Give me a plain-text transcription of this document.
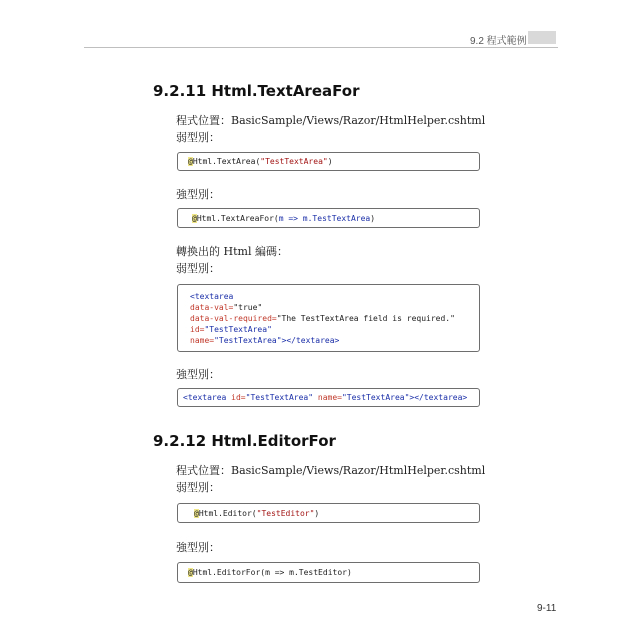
9.2 程式範例
9.2.11 Html.TextAreaFor
程式位置：BasicSample/Views/Razor/HtmlHelper.cshtml
弱型別：
@Html.TextArea("TestTextArea")
強型別：
@Html.TextAreaFor(m => m.TestTextArea)
轉換出的 Html 編碼：
弱型別：
<textarea
data-val="true"
data-val-required="The TestTextArea field is required."
id="TestTextArea"
name="TestTextArea"></textarea>
強型別：
<textarea id="TestTextArea" name="TestTextArea"></textarea>
9.2.12 Html.EditorFor
程式位置：BasicSample/Views/Razor/HtmlHelper.cshtml
弱型別：
@Html.Editor("TestEditor")
強型別：
@Html.EditorFor(m => m.TestEditor)
9-11
